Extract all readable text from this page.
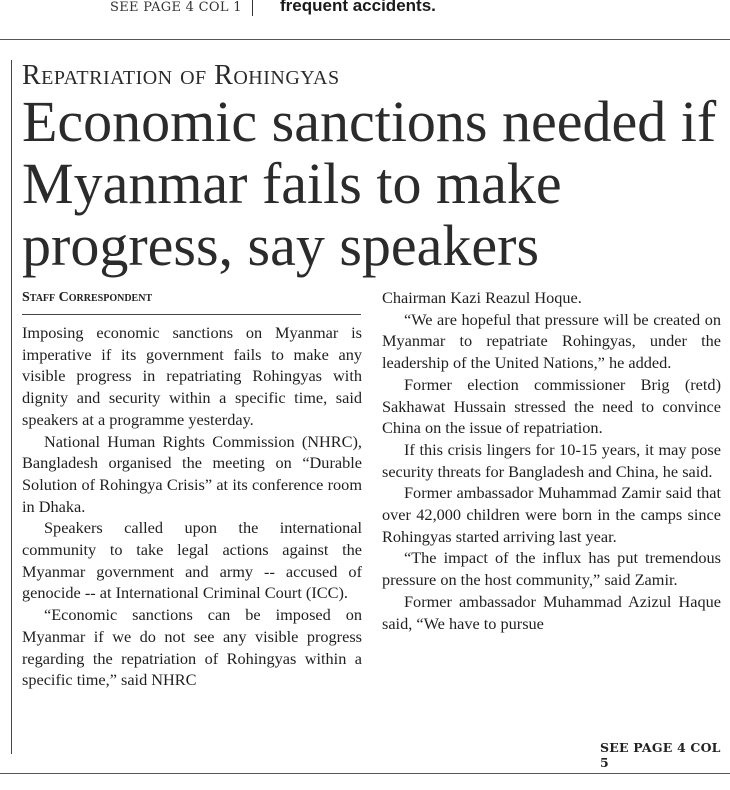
SEE PAGE 4 COL 1 frequent accidents.
Repatriation of Rohingyas
Economic sanctions needed if Myanmar fails to make progress, say speakers
Staff Correspondent

Imposing economic sanctions on Myanmar is imperative if its government fails to make any visible progress in repatriating Rohingyas with dignity and security within a specific time, said speakers at a programme yesterday.

National Human Rights Commission (NHRC), Bangladesh organised the meeting on “Durable Solution of Rohingya Crisis” at its conference room in Dhaka.

Speakers called upon the international community to take legal actions against the Myanmar government and army -- accused of genocide -- at International Criminal Court (ICC).

“Economic sanctions can be imposed on Myanmar if we do not see any visible progress regarding the repatriation of Rohingyas within a specific time,” said NHRC

Chairman Kazi Reazul Hoque.

“We are hopeful that pressure will be created on Myanmar to repatriate Rohingyas, under the leadership of the United Nations,” he added.

Former election commissioner Brig (retd) Sakhawat Hussain stressed the need to convince China on the issue of repatriation.

If this crisis lingers for 10-15 years, it may pose security threats for Bangladesh and China, he said.

Former ambassador Muhammad Zamir said that over 42,000 children were born in the camps since Rohingyas started arriving last year.

“The impact of the influx has put tremendous pressure on the host community,” said Zamir.

Former ambassador Muhammad Azizul Haque said, “We have to pursue

SEE PAGE 4 COL 5
